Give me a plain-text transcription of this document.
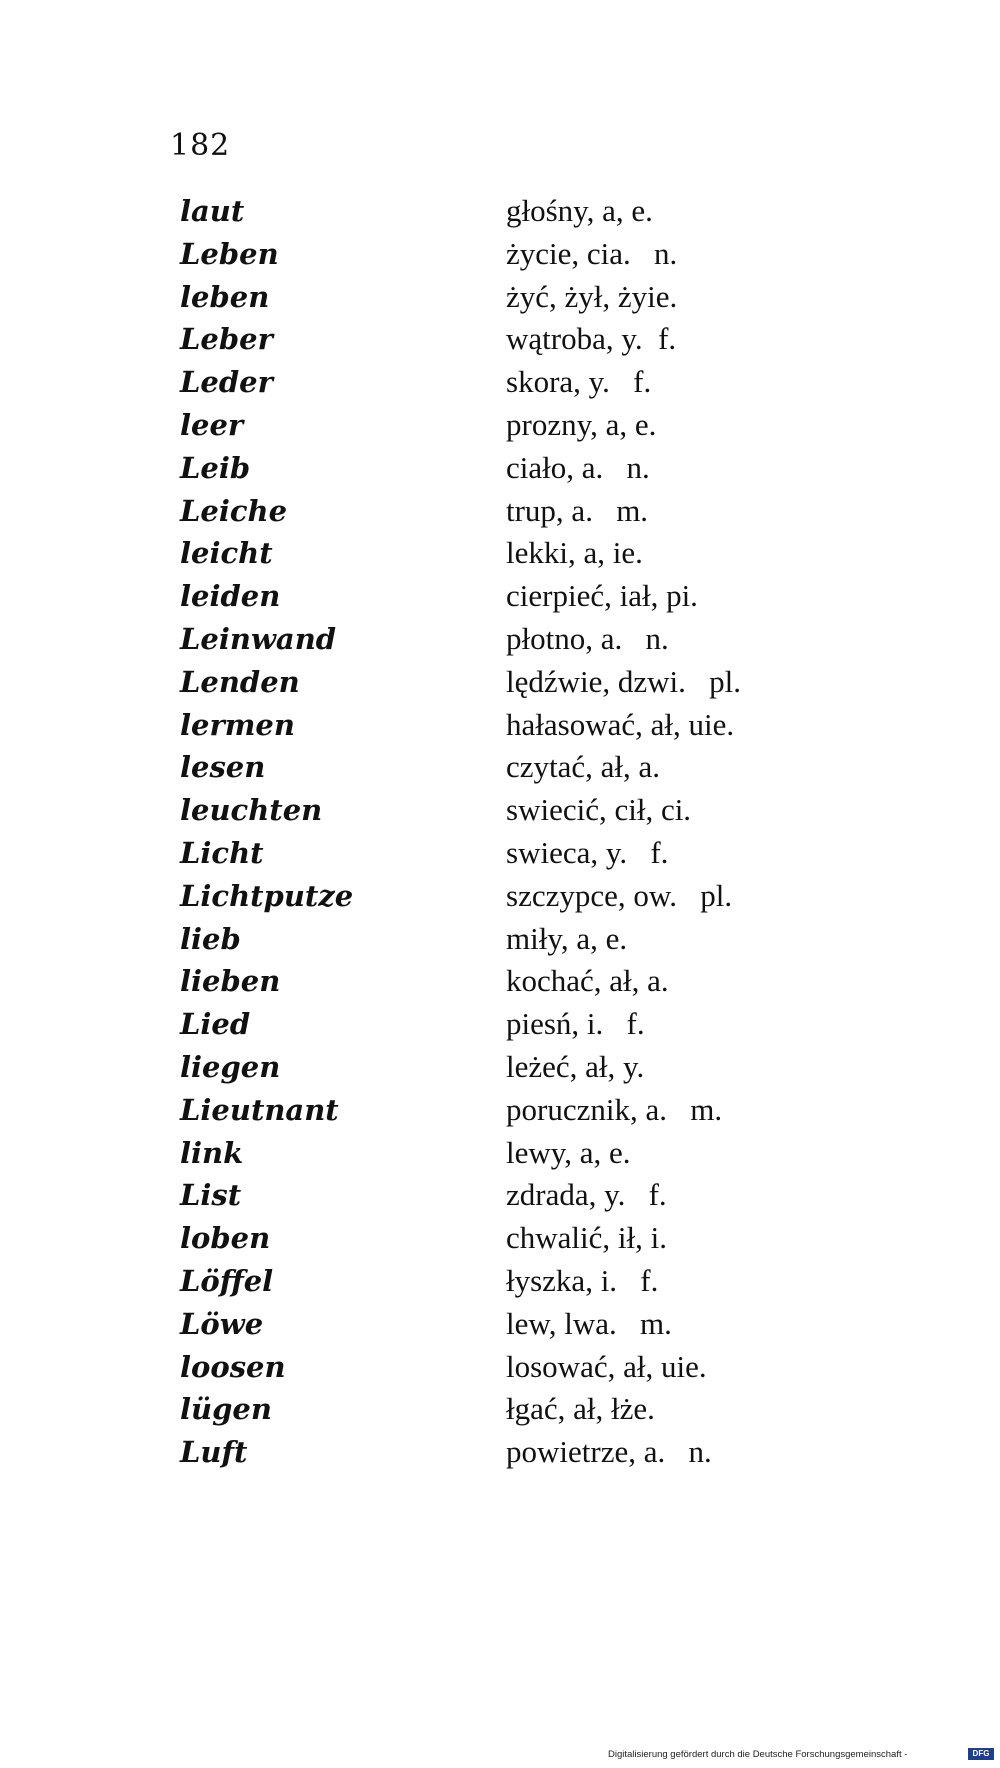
182
laut	głośny, a, e.
Leben	życie, cia.   n.
leben	żyć, żył, żyie.
Leber	wątroba, y.  f.
Leder	skora, y.   f.
leer	prozny, a, e.
Leib	ciało, a.   n.
Leiche	trup, a.   m.
leicht	lekki, a, ie.
leiden	cierpieć, iał, pi.
Leinwand	płotno, a.   n.
Lenden	lędźwie, dzwi.   pl.
lermen	hałasować, ał, uie.
lesen	czytać, ał, a.
leuchten	swiecić, cił, ci.
Licht	swieca, y.   f.
Lichtputze	szczypce, ow.   pl.
lieb	miły, a, e.
lieben	kochać, ał, a.
Lied	piesń, i.   f.
liegen	leżeć, ał, y.
Lieutnant	porucznik, a.   m.
link	lewy, a, e.
List	zdrada, y.   f.
loben	chwalić, ił, i.
Löffel	łyszka, i.   f.
Löwe	lew, lwa.   m.
loosen	losować, ał, uie.
lügen	łgać, ał, łże.
Luft	powietrze, a.   n.
Digitalisierung gefördert durch die Deutsche Forschungsgemeinschaft -	DFG
